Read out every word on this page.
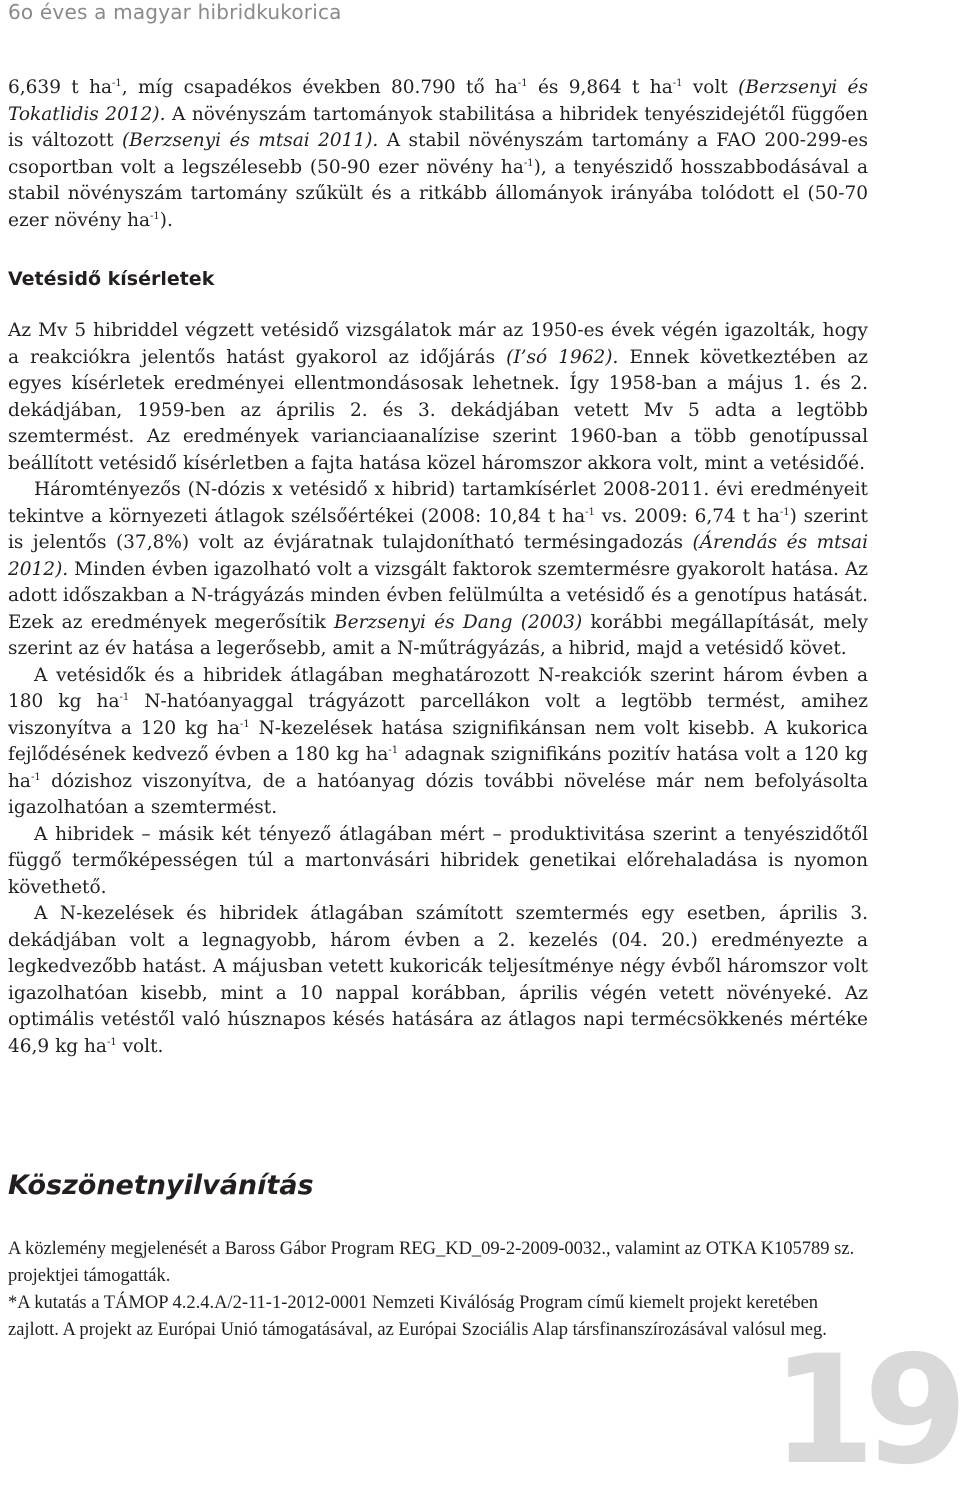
6o éves a magyar hibridkukorica

6,639 t $ha^{-1}$, míg csapadékos években 80.790 tő $ha^{-1}$ és 9,864 t $ha^{-1}$ volt (Berzsenyi és Tokatlidis 2012). A növényszám tartományok stabilitása a hibridek tenyészidejétől függően is változott (Berzsenyi és mtsai 2011). A stabil növényszám tartomány a FAO 200-299-es csoportban volt a legszélesebb (50-90 ezer növény $ha^{-1}$), a tenyészidő hosszabbodásával a stabil növényszám tartomány szűkült és a ritkább állományok irányába tolódott el (50-70 ezer növény $ha^{-1}$).

Vetésidő kísérletek

Az Mv 5 hibriddel végzett vetésidő vizsgálatok már az 1950-es évek végén igazolták, hogy a reakciókra jelentős hatást gyakorol az időjárás (I’só 1962). Ennek következtében az egyes kísérletek eredményei ellentmondásosak lehetnek. Így 1958-ban a május 1. és 2. dekádjában, 1959-ben az április 2. és 3. dekádjában vetett Mv 5 adta a legtöbb szemtermést. Az eredmények varianciaanalízise szerint 1960-ban a több genotípussal beállított vetésidő kísérletben a fajta hatása közel háromszor akkora volt, mint a vetésidőé.

Háromtényezős (N-dózis x vetésidő x hibrid) tartamkísérlet 2008-2011. évi eredményeit tekintve a környezeti átlagok szélsőértékei (2008: 10,84 t $ha^{-1}$ vs. 2009: 6,74 t $ha^{-1}$) szerint is jelentős (37,8%) volt az évjáratnak tulajdonítható termésingadozás (Árendás és mtsai 2012). Minden évben igazolható volt a vizsgált faktorok szemtermésre gyakorolt hatása. Az adott időszakban a N-trágyázás minden évben felülmúlta a vetésidő és a genotípus hatását. Ezek az eredmények megerősítik Berzsenyi és Dang (2003) korábbi megállapítását, mely szerint az év hatása a legerősebb, amit a N-műtrágyázás, a hibrid, majd a vetésidő követ.

A vetésidők és a hibridek átlagában meghatározott N-reakciók szerint három évben a 180 kg $ha^{-1}$ N-hatóanyaggal trágyázott parcellákon volt a legtöbb termést, amihez viszonyítva a 120 kg $ha^{-1}$ N-kezelések hatása szignifikánsan nem volt kisebb. A kukorica fejlődésének kedvező évben a 180 kg $ha^{-1}$ adagnak szignifikáns pozitív hatása volt a 120 kg $ha^{-1}$ dózishoz viszonyítva, de a hatóanyag dózis további növelése már nem befolyásolta igazolhatóan a szemtermést.

A hibridek – másik két tényező átlagában mért – produktivitása szerint a tenyészidőtől függő termőképességen túl a martonvásári hibridek genetikai előrehaladása is nyomon követhető.

A N-kezelések és hibridek átlagában számított szemtermés egy esetben, április 3. dekádjában volt a legnagyobb, három évben a 2. kezelés (04. 20.) eredményezte a legkedvezőbb hatást. A májusban vetett kukoricák teljesítménye négy évből háromszor volt igazolhatóan kisebb, mint a 10 nappal korábban, április végén vetett növényeké. Az optimális vetéstől való húsznapos késés hatására az átlagos napi termécsökkenés mértéke 46,9 kg $ha^{-1}$ volt.

Köszönetnyilvánítás

A közlemény megjelenését a Baross Gábor Program REG_KD_09-2-2009-0032., valamint az OTKA K105789 sz. projektjei támogatták.

*A kutatás a TÁMOP 4.2.4.A/2-11-1-2012-0001 Nemzeti Kiválóság Program című kiemelt projekt keretében zajlott. A projekt az Európai Unió támogatásával, az Európai Szociális Alap társfinanszírozásával valósul meg.

19
